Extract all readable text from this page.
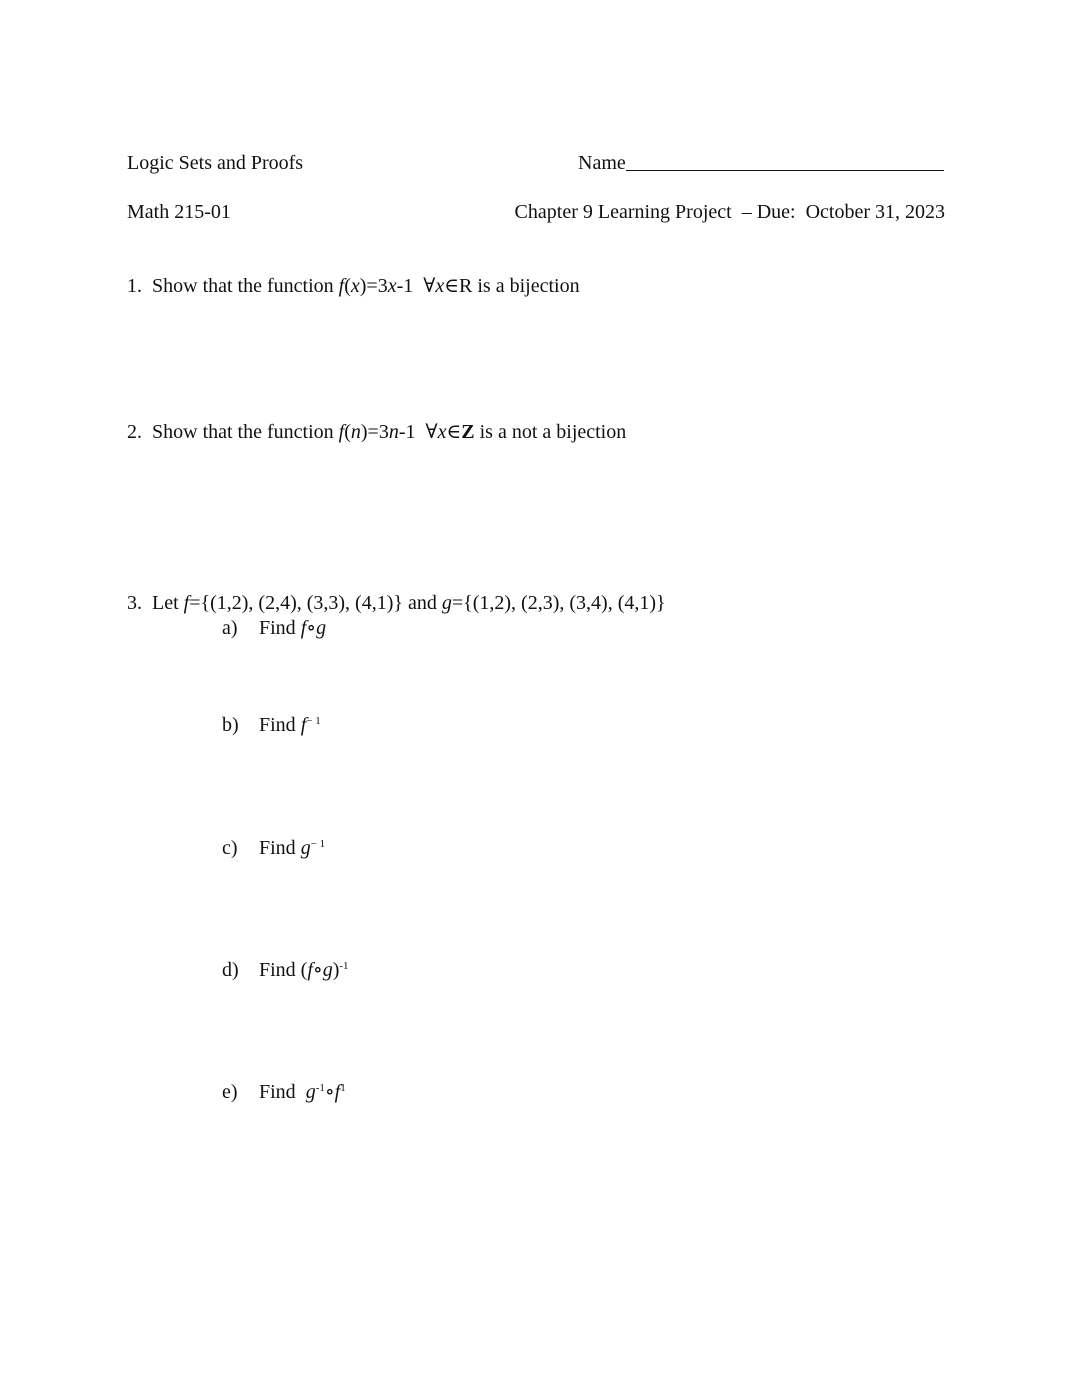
Logic Sets and Proofs	Name
Math 215-01	Chapter 9 Learning Project  – Due:  October 31, 2023
1. Show that the function f(x)=3x-1  ∀x∈R is a bijection
2. Show that the function f(n)=3n-1  ∀x∈Z is a not a bijection
3. Let f={(1,2), (2,4), (3,3), (4,1)} and g={(1,2), (2,3), (3,4), (4,1)}
a) Find f∘g
b) Find $f^{- 1}$
c) Find $g^{- 1}$
d) Find (f∘g)$^{-1}$
e) Find  $g^{-1}\circ f^1$
